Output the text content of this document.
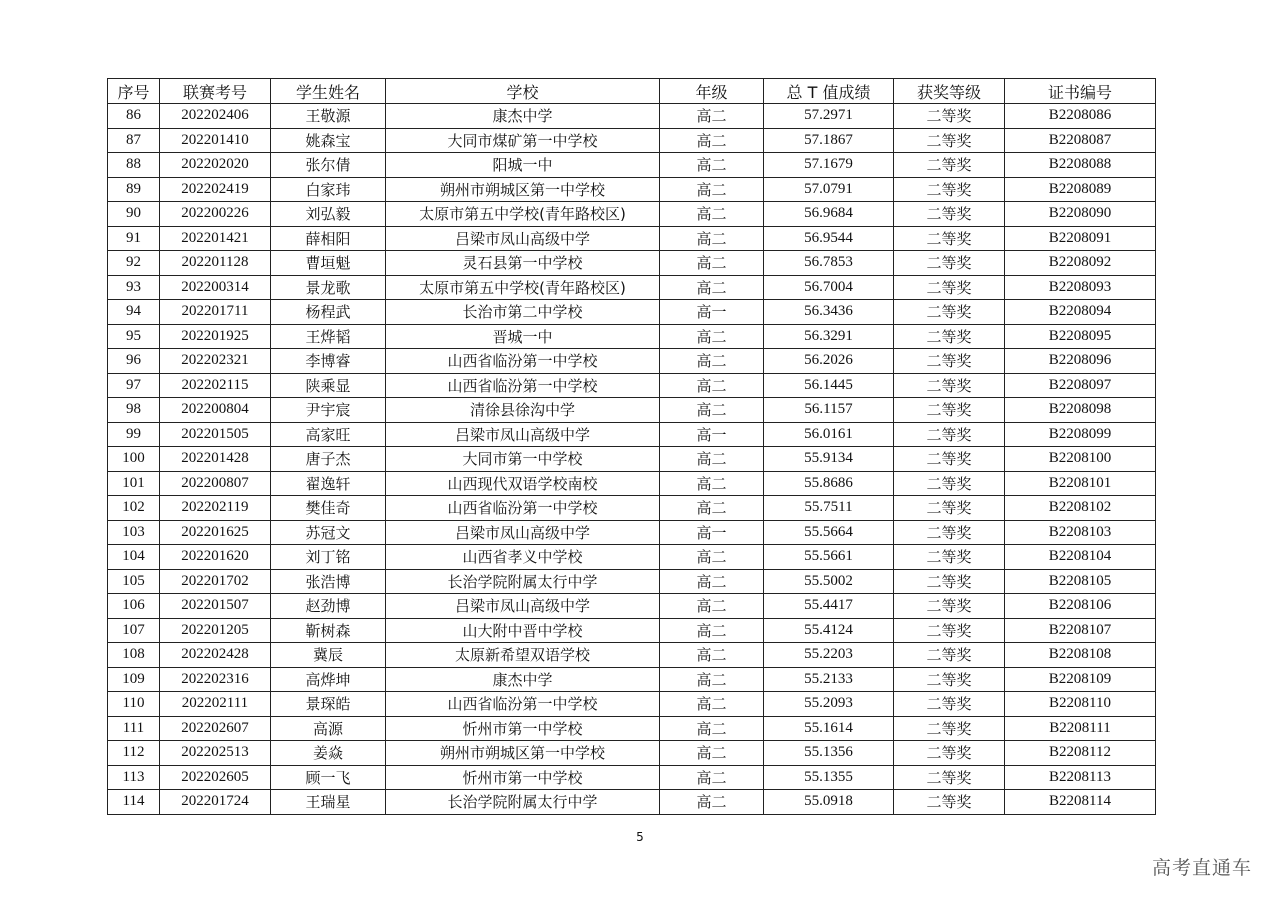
序号	联赛考号	学生姓名	学校	年级	总 T 值成绩	获奖等级	证书编号
86	202202406	王敬源	康杰中学	高二	57.2971	二等奖	B2208086
87	202201410	姚森宝	大同市煤矿第一中学校	高二	57.1867	二等奖	B2208087
88	202202020	张尔倩	阳城一中	高二	57.1679	二等奖	B2208088
89	202202419	白家玮	朔州市朔城区第一中学校	高二	57.0791	二等奖	B2208089
90	202200226	刘弘毅	太原市第五中学校(青年路校区)	高二	56.9684	二等奖	B2208090
91	202201421	薛相阳	吕梁市凤山高级中学	高二	56.9544	二等奖	B2208091
92	202201128	曹垣魁	灵石县第一中学校	高二	56.7853	二等奖	B2208092
93	202200314	景龙歌	太原市第五中学校(青年路校区)	高二	56.7004	二等奖	B2208093
94	202201711	杨程武	长治市第二中学校	高一	56.3436	二等奖	B2208094
95	202201925	王烨韬	晋城一中	高二	56.3291	二等奖	B2208095
96	202202321	李博睿	山西省临汾第一中学校	高二	56.2026	二等奖	B2208096
97	202202115	陕乘显	山西省临汾第一中学校	高二	56.1445	二等奖	B2208097
98	202200804	尹宇宸	清徐县徐沟中学	高二	56.1157	二等奖	B2208098
99	202201505	高家旺	吕梁市凤山高级中学	高一	56.0161	二等奖	B2208099
100	202201428	唐子杰	大同市第一中学校	高二	55.9134	二等奖	B2208100
101	202200807	翟逸轩	山西现代双语学校南校	高二	55.8686	二等奖	B2208101
102	202202119	樊佳奇	山西省临汾第一中学校	高二	55.7511	二等奖	B2208102
103	202201625	苏冠文	吕梁市凤山高级中学	高一	55.5664	二等奖	B2208103
104	202201620	刘丁铭	山西省孝义中学校	高二	55.5661	二等奖	B2208104
105	202201702	张浩博	长治学院附属太行中学	高二	55.5002	二等奖	B2208105
106	202201507	赵劲博	吕梁市凤山高级中学	高二	55.4417	二等奖	B2208106
107	202201205	靳树森	山大附中晋中学校	高二	55.4124	二等奖	B2208107
108	202202428	冀辰	太原新希望双语学校	高二	55.2203	二等奖	B2208108
109	202202316	高烨坤	康杰中学	高二	55.2133	二等奖	B2208109
110	202202111	景琛皓	山西省临汾第一中学校	高二	55.2093	二等奖	B2208110
111	202202607	高源	忻州市第一中学校	高二	55.1614	二等奖	B2208111
112	202202513	姜焱	朔州市朔城区第一中学校	高二	55.1356	二等奖	B2208112
113	202202605	顾一飞	忻州市第一中学校	高二	55.1355	二等奖	B2208113
114	202201724	王瑞星	长治学院附属太行中学	高二	55.0918	二等奖	B2208114
5
高考直通车
